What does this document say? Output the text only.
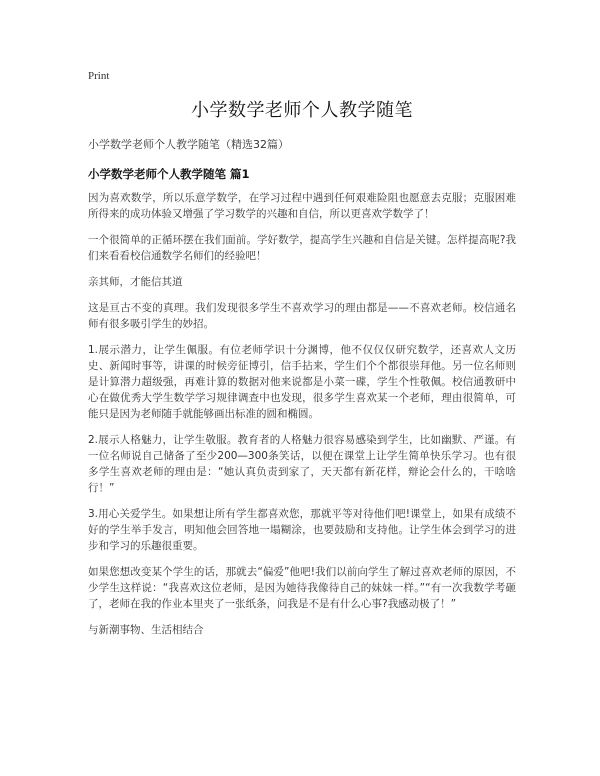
Print
小学数学老师个人教学随笔
小学数学老师个人教学随笔（精选32篇）
小学数学老师个人教学随笔 篇1

因为喜欢数学，所以乐意学数学，在学习过程中遇到任何艰难险阻也愿意去克服；克服困难所得来的成功体验又增强了学习数学的兴趣和自信，所以更喜欢学数学了！

一个很简单的正循环摆在我们面前。学好数学，提高学生兴趣和自信是关键。怎样提高呢?我们来看看校信通数学名师们的经验吧！

亲其师，才能信其道

这是亘古不变的真理。我们发现很多学生不喜欢学习的理由都是——不喜欢老师。校信通名师有很多吸引学生的妙招。

1.展示潜力，让学生佩服。有位老师学识十分渊博，他不仅仅仅研究数学，还喜欢人文历史、新闻时事等，讲课的时候旁征博引，信手拈来，学生们个个都很崇拜他。另一位名师则是计算潜力超级强，再难计算的数据对他来说都是小菜一碟，学生个性敬佩。校信通教研中心在做优秀大学生数学学习规律调查中也发现，很多学生喜欢某一个老师，理由很简单，可能只是因为老师随手就能够画出标准的圆和椭圆。

2.展示人格魅力，让学生敬服。教育者的人格魅力很容易感染到学生，比如幽默、严谨。有一位名师说自己储备了至少200—300条笑话，以便在课堂上让学生简单快乐学习。也有很多学生喜欢老师的理由是：“她认真负责到家了，天天都有新花样，辩论会什么的，干啥啥行！”

3.用心关爱学生。如果想让所有学生都喜欢您，那就平等对待他们吧!课堂上，如果有成绩不好的学生举手发言，明知他会回答地一塌糊涂，也要鼓励和支持他。让学生体会到学习的进步和学习的乐趣很重要。

如果您想改变某个学生的话，那就去“偏爱”他吧!我们以前向学生了解过喜欢老师的原因，不少学生这样说：“我喜欢这位老师，是因为她待我像待自己的妹妹一样。”“有一次我数学考砸了，老师在我的作业本里夹了一张纸条，问我是不是有什么心事?我感动极了！”

与新潮事物、生活相结合
